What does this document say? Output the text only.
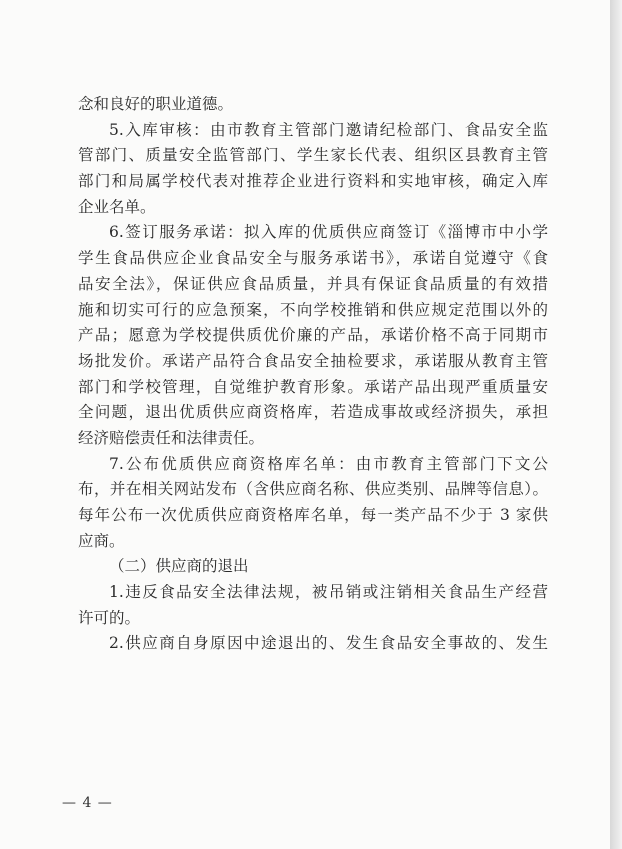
念和良好的职业道德。
5.入库审核：由市教育主管部门邀请纪检部门、食品安全监
管部门、质量安全监管部门、学生家长代表、组织区县教育主管
部门和局属学校代表对推荐企业进行资料和实地审核，确定入库
企业名单。
6.签订服务承诺：拟入库的优质供应商签订《淄博市中小学
学生食品供应企业食品安全与服务承诺书》，承诺自觉遵守《食
品安全法》，保证供应食品质量，并具有保证食品质量的有效措
施和切实可行的应急预案，不向学校推销和供应规定范围以外的
产品；愿意为学校提供质优价廉的产品，承诺价格不高于同期市
场批发价。承诺产品符合食品安全抽检要求，承诺服从教育主管
部门和学校管理，自觉维护教育形象。承诺产品出现严重质量安
全问题，退出优质供应商资格库，若造成事故或经济损失，承担
经济赔偿责任和法律责任。
7.公布优质供应商资格库名单：由市教育主管部门下文公
布，并在相关网站发布（含供应商名称、供应类别、品牌等信息）。
每年公布一次优质供应商资格库名单，每一类产品不少于 3 家供
应商。
（二）供应商的退出
1.违反食品安全法律法规，被吊销或注销相关食品生产经营
许可的。
2.供应商自身原因中途退出的、发生食品安全事故的、发生
— 4 —
